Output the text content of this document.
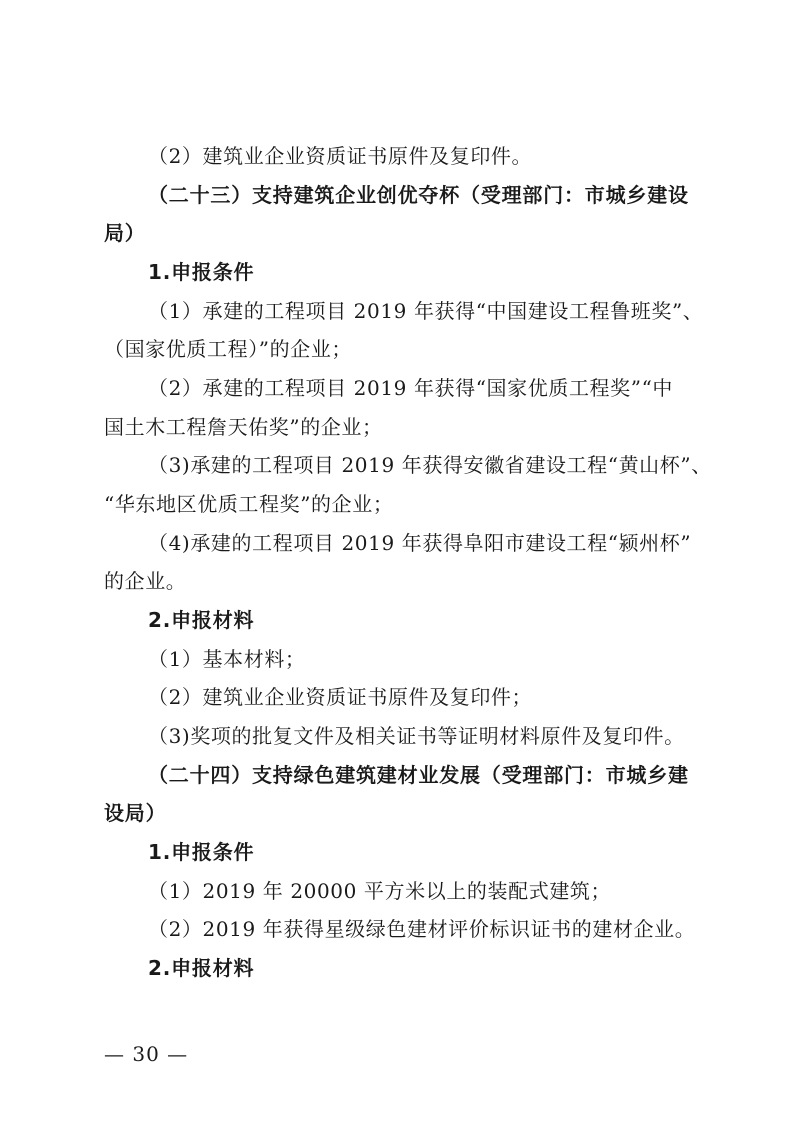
（2）建筑业企业资质证书原件及复印件。
（二十三）支持建筑企业创优夺杯（受理部门：市城乡建设
局）
1.申报条件
（1）承建的工程项目 2019 年获得“中国建设工程鲁班奖”、
（国家优质工程）”的企业；
（2）承建的工程项目 2019 年获得“国家优质工程奖”“中
国土木工程詹天佑奖”的企业；
（3)承建的工程项目 2019 年获得安徽省建设工程“黄山杯”、
“华东地区优质工程奖”的企业；
（4)承建的工程项目 2019 年获得阜阳市建设工程“颍州杯”
的企业。
2.申报材料
（1）基本材料；
（2）建筑业企业资质证书原件及复印件；
（3)奖项的批复文件及相关证书等证明材料原件及复印件。
（二十四）支持绿色建筑建材业发展（受理部门：市城乡建
设局）
1.申报条件
（1）2019 年 20000 平方米以上的装配式建筑；
（2）2019 年获得星级绿色建材评价标识证书的建材企业。
2.申报材料
— 30 —
